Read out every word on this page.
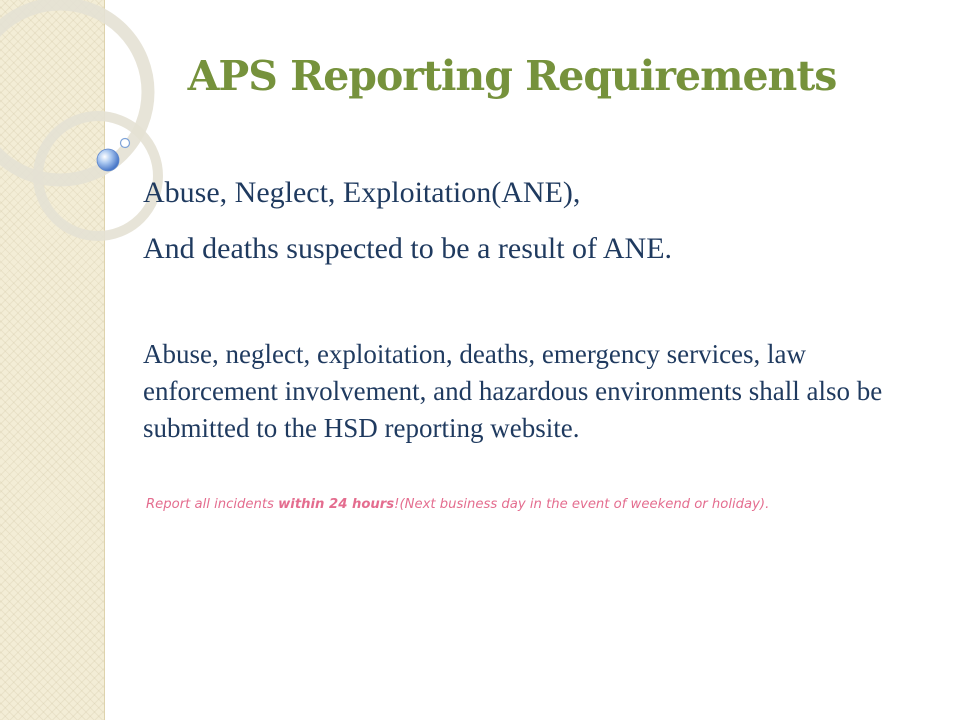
APS Reporting Requirements

Abuse, Neglect, Exploitation(ANE),

And deaths suspected to be a result of ANE.

Abuse, neglect, exploitation, deaths, emergency services, law enforcement involvement, and hazardous environments shall also be submitted to the HSD reporting website.

Report all incidents within 24 hours!(Next business day in the event of weekend or holiday).
